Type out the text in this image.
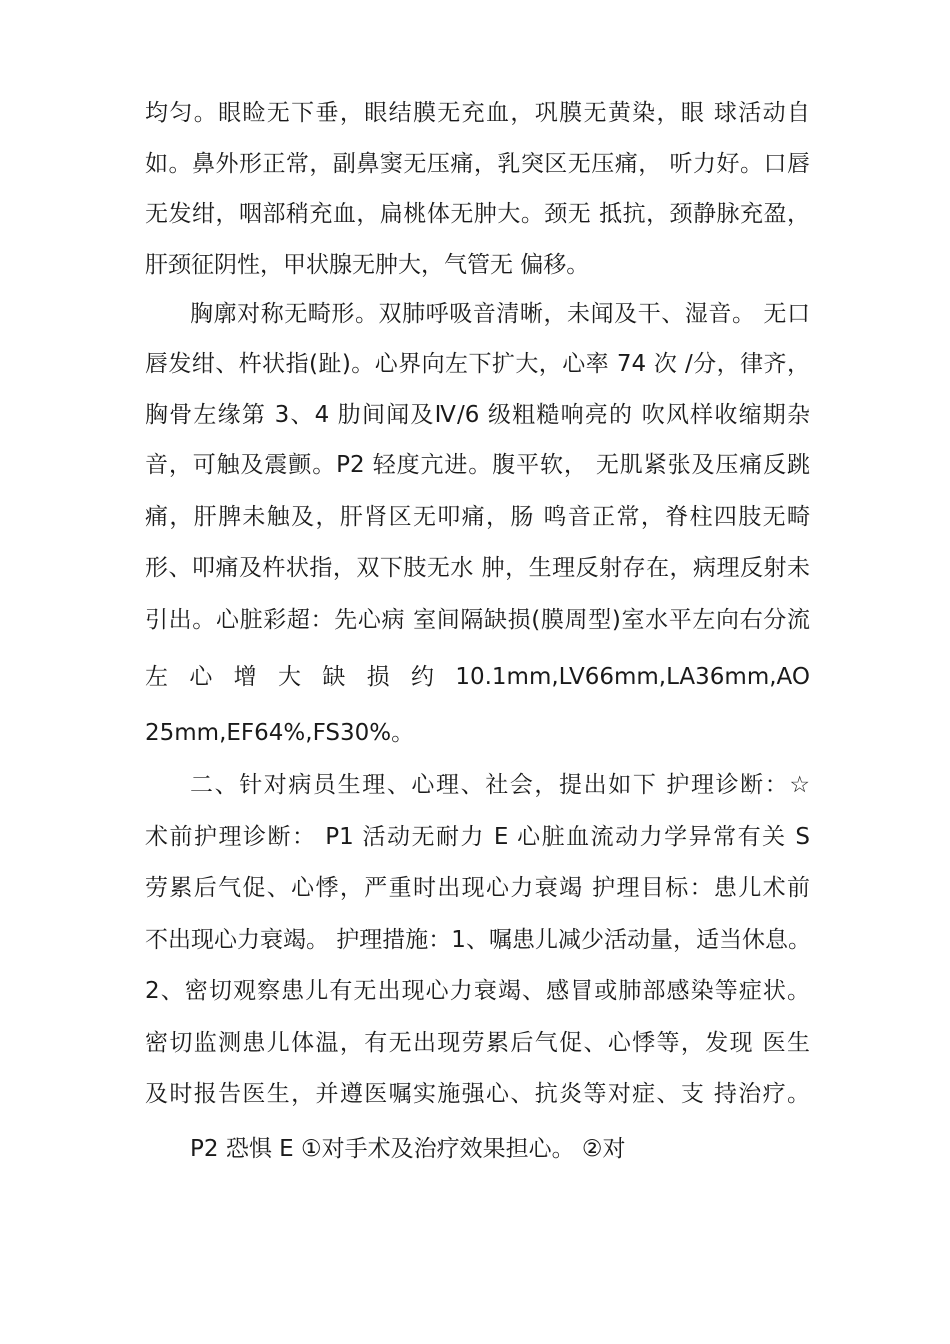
均匀。眼睑无下垂，眼结膜无充血，巩膜无黄染，眼 球活动自
如。鼻外形正常，副鼻窦无压痛，乳突区无压痛， 听力好。口唇
无发绀，咽部稍充血，扁桃体无肿大。颈无 抵抗，颈静脉充盈，
肝颈征阴性，甲状腺无肿大，气管无 偏移。
胸廓对称无畸形。双肺呼吸音清晰，未闻及干、湿音。 无口
唇发绀、杵状指(趾)。心界向左下扩大，心率 74 次 /分，律齐，
胸骨左缘第 3、4 肋间闻及Ⅳ/6 级粗糙响亮的 吹风样收缩期杂
音，可触及震颤。P2 轻度亢进。腹平软， 无肌紧张及压痛反跳
痛，肝脾未触及，肝肾区无叩痛，肠 鸣音正常，脊柱四肢无畸
形、叩痛及杵状指，双下肢无水 肿，生理反射存在，病理反射未
引出。心脏彩超：先心病 室间隔缺损(膜周型)室水平左向右分流
左 心 增 大 缺 损 约 10.1mm,LV66mm,LA36mm,AO
25mm,EF64%,FS30%。
二、针对病员生理、心理、社会，提出如下 护理诊断：☆
术前护理诊断： P1 活动无耐力 E 心脏血流动力学异常有关 S
劳累后气促、心悸，严重时出现心力衰竭 护理目标：患儿术前
不出现心力衰竭。 护理措施：1、嘱患儿减少活动量，适当休息。
2、密切观察患儿有无出现心力衰竭、感冒或肺部感染等症状。
密切监测患儿体温，有无出现劳累后气促、心悸等，发现 医生
及时报告医生，并遵医嘱实施强心、抗炎等对症、支 持治疗。
P2 恐惧 E ①对手术及治疗效果担心。 ②对
